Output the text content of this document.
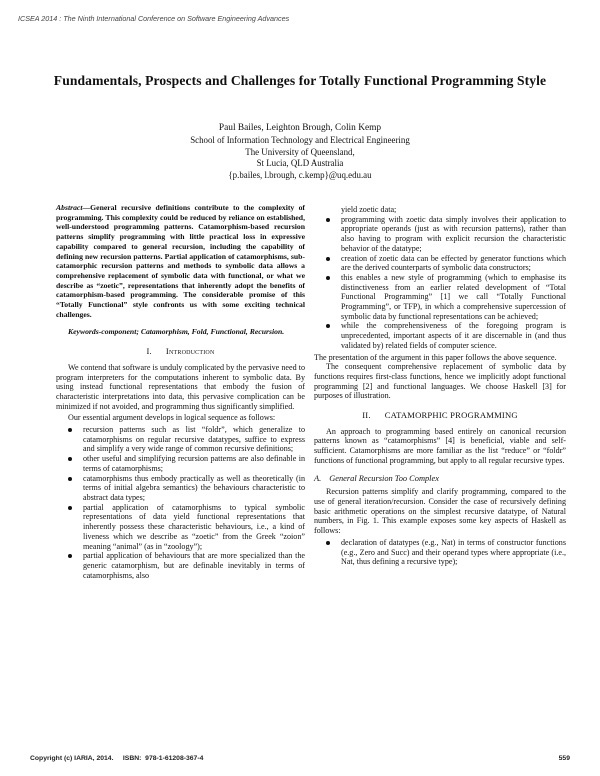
ICSEA 2014 : The Ninth International Conference on Software Engineering Advances
Fundamentals, Prospects and Challenges for Totally Functional Programming Style
Paul Bailes, Leighton Brough, Colin Kemp
School of Information Technology and Electrical Engineering
The University of Queensland,
St Lucia, QLD Australia
{p.bailes, l.brough, c.kemp}@uq.edu.au
Abstract—General recursive definitions contribute to the complexity of programming. This complexity could be reduced by reliance on established, well-understood programming patterns. Catamorphism-based recursion patterns simplify programming with little practical loss in expressive capability compared to general recursion, including the capability of defining new recursion patterns. Partial application of catamorphisms, sub-catamorphic recursion patterns and methods to symbolic data allows a comprehensive replacement of symbolic data with functional, or what we describe as “zoetic”, representations that inherently adopt the benefits of catamorphism-based programming. The considerable promise of this “Totally Functional” style confronts us with some exciting technical challenges.
Keywords-component; Catamorphism, Fold, Functional, Recursion.
I. Introduction

We contend that software is unduly complicated by the pervasive need to program interpreters for the computations inherent to symbolic data. By using instead functional representations that embody the fusion of characteristic interpretations into data, this pervasive complication can be minimized if not avoided, and programming thus significantly simplified.

Our essential argument develops in logical sequence as follows:

recursion patterns such as list “foldr”, which generalize to catamorphisms on regular recursive datatypes, suffice to express and simplify a very wide range of common recursive definitions;
other useful and simplifying recursion patterns are also definable in terms of catamorphisms;
catamorphisms thus embody practically as well as theoretically (in terms of initial algebra semantics) the behaviours characteristic to abstract data types;
partial application of catamorphisms to typical symbolic representations of data yield functional representations that inherently possess these characteristic behaviours, i.e., a kind of liveness which we describe as “zoetic” from the Greek “zoion” meaning “animal” (as in “zoology”);
partial application of behaviours that are more specialized than the generic catamorphism, but are definable inevitably in terms of catamorphisms, also
yield zoetic data;
programming with zoetic data simply involves their application to appropriate operands (just as with recursion patterns), rather than also having to program with explicit recursion the characteristic behavior of the datatype;
creation of zoetic data can be effected by generator functions which are the derived counterparts of symbolic data constructors;
this enables a new style of programming (which to emphasise its distinctiveness from an earlier related development of “Total Functional Programming” [1] we call “Totally Functional Programming”, or TFP), in which a comprehensive supercession of symbolic data by functional representations can be achieved;
while the comprehensiveness of the foregoing program is unprecedented, important aspects of it are discernable in (and thus validated by) related fields of computer science.

The presentation of the argument in this paper follows the above sequence.

The consequent comprehensive replacement of symbolic data by functions requires first-class functions, hence we implicitly adopt functional programming [2] and functional languages. We choose Haskell [3] for purposes of illustration.

II. CATAMORPHIC PROGRAMMING

An approach to programming based entirely on canonical recursion patterns known as “catamorphisms” [4] is beneficial, viable and self-sufficient. Catamorphisms are more familiar as the list “reduce” or “foldr” functions of functional programming, but apply to all regular recursive types.

A. General Recursion Too Complex

Recursion patterns simplify and clarify programming, compared to the use of general iteration/recursion. Consider the case of recursively defining basic arithmetic operations on the simplest recursive datatype, of Natural numbers, in Fig. 1. This example exposes some key aspects of Haskell as follows:

declaration of datatypes (e.g., Nat) in terms of constructor functions (e.g., Zero and Succ) and their operand types where appropriate (i.e., Nat, thus defining a recursive type);
Copyright (c) IARIA, 2014.     ISBN:  978-1-61208-367-4	559
